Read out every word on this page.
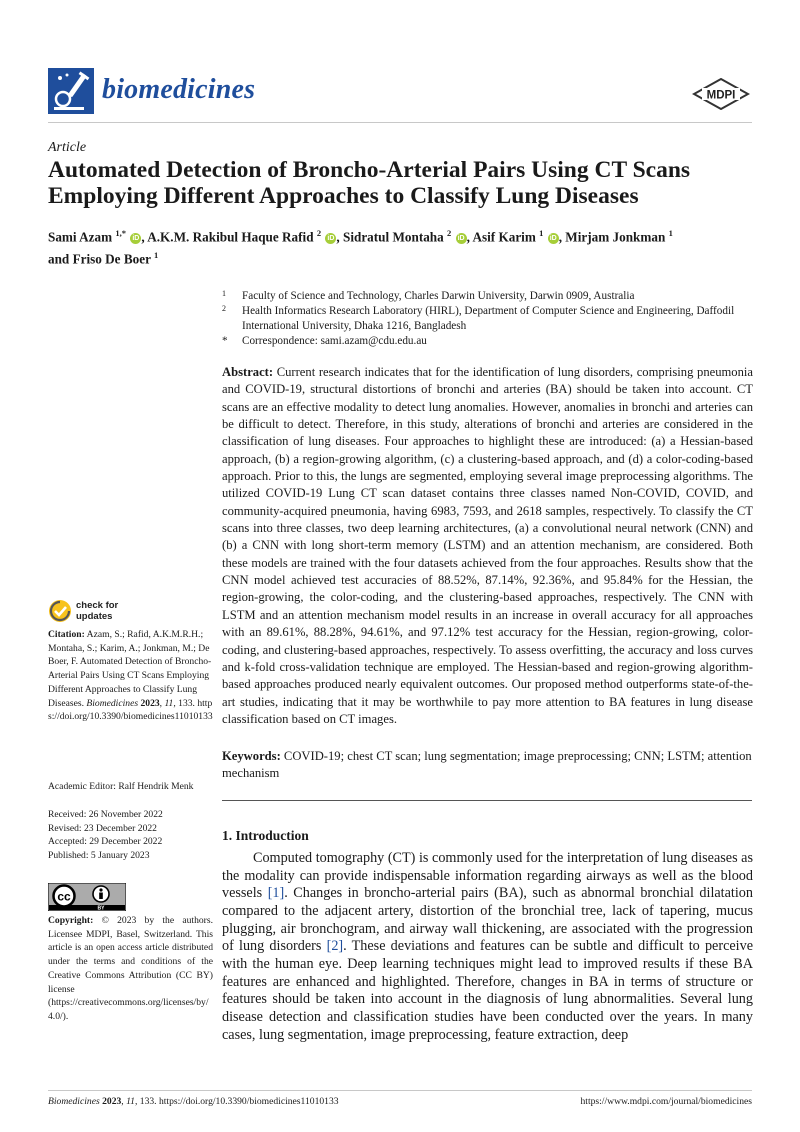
biomedicines	MDPI
Article
Automated Detection of Broncho-Arterial Pairs Using CT Scans Employing Different Approaches to Classify Lung Diseases
Sami Azam $^{1,*}$ iD , A.K.M. Rakibul Haque Rafid $^2$ iD , Sidratul Montaha $^2$ iD , Asif Karim $^1$ iD , Mirjam Jonkman $^1$
and Friso De Boer $^1$
1 Faculty of Science and Technology, Charles Darwin University, Darwin 0909, Australia
2 Health Informatics Research Laboratory (HIRL), Department of Computer Science and Engineering, Daffodil International University, Dhaka 1216, Bangladesh
* Correspondence: sami.azam@cdu.edu.au
Abstract: Current research indicates that for the identification of lung disorders, comprising pneumonia and COVID-19, structural distortions of bronchi and arteries (BA) should be taken into account. CT scans are an effective modality to detect lung anomalies. However, anomalies in bronchi and arteries can be difficult to detect. Therefore, in this study, alterations of bronchi and arteries are considered in the classification of lung diseases. Four approaches to highlight these are introduced: (a) a Hessian-based approach, (b) a region-growing algorithm, (c) a clustering-based approach, and (d) a color-coding-based approach. Prior to this, the lungs are segmented, employing several image preprocessing algorithms. The utilized COVID-19 Lung CT scan dataset contains three classes named Non-COVID, COVID, and community-acquired pneumonia, having 6983, 7593, and 2618 samples, respectively. To classify the CT scans into three classes, two deep learning architectures, (a) a convolutional neural network (CNN) and (b) a CNN with long short-term memory (LSTM) and an attention mechanism, are considered. Both these models are trained with the four datasets achieved from the four approaches. Results show that the CNN model achieved test accuracies of 88.52%, 87.14%, 92.36%, and 95.84% for the Hessian, the region-growing, the color-coding, and the clustering-based approaches, respectively. The CNN with LSTM and an attention mechanism model results in an increase in overall accuracy for all approaches with an 89.61%, 88.28%, 94.61%, and 97.12% test accuracy for the Hessian, region-growing, color-coding, and clustering-based approaches, respectively. To assess overfitting, the accuracy and loss curves and k-fold cross-validation technique are employed. The Hessian-based and region-growing algorithm-based approaches produced nearly equivalent outcomes. Our proposed method outperforms state-of-the-art studies, indicating that it may be worthwhile to pay more attention to BA features in lung disease classification based on CT images.
Keywords: COVID-19; chest CT scan; lung segmentation; image preprocessing; CNN; LSTM; attention mechanism
check for
updates
Citation: Azam, S.; Rafid, A.K.M.R.H.; Montaha, S.; Karim, A.; Jonkman, M.; De Boer, F. Automated Detection of Broncho-Arterial Pairs Using CT Scans Employing Different Approaches to Classify Lung Diseases. Biomedicines 2023, 11, 133. https://doi.org/10.3390/biomedicines11010133
Academic Editor: Ralf Hendrik Menk
Received: 26 November 2022
Revised: 23 December 2022
Accepted: 29 December 2022
Published: 5 January 2023
cc
BY
Copyright: © 2023 by the authors. Licensee MDPI, Basel, Switzerland. This article is an open access article distributed under the terms and conditions of the Creative Commons Attribution (CC BY) license (https://creativecommons.org/licenses/by/4.0/).
1. Introduction

Computed tomography (CT) is commonly used for the interpretation of lung diseases as the modality can provide indispensable information regarding airways as well as the blood vessels [1]. Changes in broncho-arterial pairs (BA), such as abnormal bronchial dilatation compared to the adjacent artery, distortion of the bronchial tree, lack of tapering, mucus plugging, air bronchogram, and airway wall thickening, are associated with the progression of lung disorders [2]. These deviations and features can be subtle and difficult to perceive with the human eye. Deep learning techniques might lead to improved results if these BA features are enhanced and highlighted. Therefore, changes in BA in terms of structure or features should be taken into account in the diagnosis of lung abnormalities. Several lung disease detection and classification studies have been conducted over the years. In many cases, lung segmentation, image preprocessing, feature extraction, deep

Biomedicines 2023, 11, 133. https://doi.org/10.3390/biomedicines11010133	https://www.mdpi.com/journal/biomedicines
